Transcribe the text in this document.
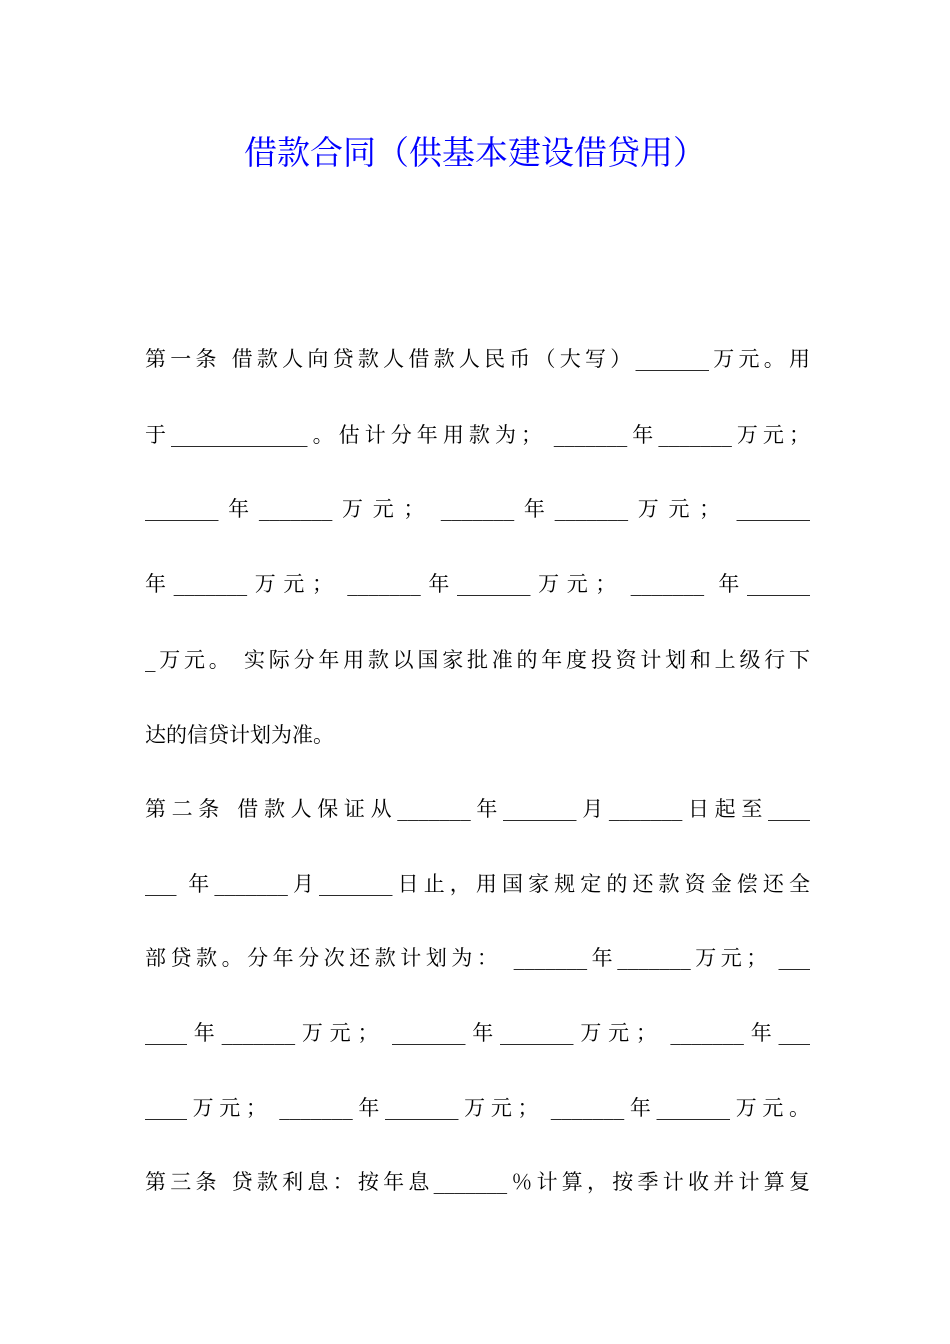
借款合同（供基本建设借贷用）
第一条 借款人向贷款人借款人民币（大写）_______万元。用
于_____________。估计分年用款为； _______年_______万元；
_______年_______万元； _______年_______万元； _______
年_______万元； _______年_______万元； _______ 年______
_万元。 实际分年用款以国家批准的年度投资计划和上级行下
达的信贷计划为准。
第二条 借款人保证从_______年_______月_______日起至____
___ 年_______月_______日止，用国家规定的还款资金偿还全
部贷款。分年分次还款计划为： _______年_______万元； ___
____年_______万元； _______年_______万元； _______年___
____万元； _______年_______万元； _______年_______万元。
第三条 贷款利息：按年息_______％计算，按季计收并计算复
